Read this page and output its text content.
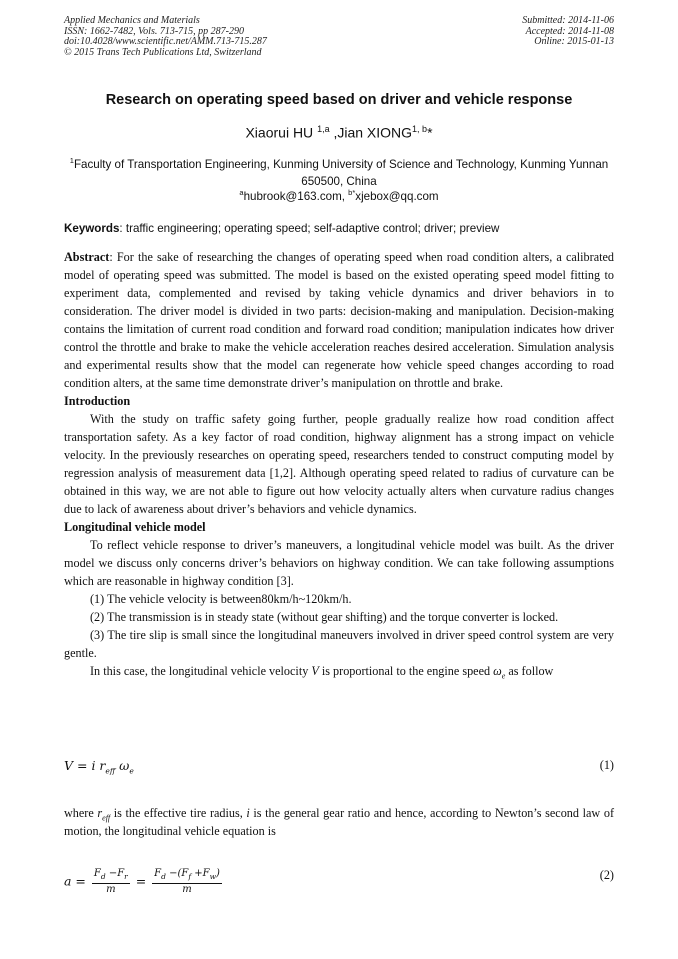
Applied Mechanics and Materials
ISSN: 1662-7482, Vols. 713-715, pp 287-290
doi:10.4028/www.scientific.net/AMM.713-715.287
© 2015 Trans Tech Publications Ltd, Switzerland
Submitted: 2014-11-06
Accepted: 2014-11-08
Online: 2015-01-13
Research on operating speed based on driver and vehicle response
Xiaorui HU $^{1,a}$ ,Jian XIONG$^{1, b}$*
$^1$Faculty of Transportation Engineering, Kunming University of Science and Technology, Kunming Yunnan 650500, China
$^a$hubrook@163.com, $^{b*}$xjebox@qq.com
Keywords: traffic engineering; operating speed; self-adaptive control; driver; preview

Abstract: For the sake of researching the changes of operating speed when road condition alters, a calibrated model of operating speed was submitted. The model is based on the existed operating speed model fitting to experiment data, complemented and revised by taking vehicle dynamics and driver behaviors in to consideration. The driver model is divided in two parts: decision-making and manipulation. Decision-making contains the limitation of current road condition and forward road condition; manipulation indicates how driver control the throttle and brake to make the vehicle acceleration reaches desired acceleration. Simulation analysis and experimental results show that the model can regenerate how vehicle speed changes according to road condition alters, at the same time demonstrate driver’s manipulation on throttle and brake.

Introduction

With the study on traffic safety going further, people gradually realize how road condition affect transportation safety. As a key factor of road condition, highway alignment has a strong impact on vehicle velocity. In the previously researches on operating speed, researchers tended to construct computing model by regression analysis of measurement data [1,2]. Although operating speed related to radius of curvature can be obtained in this way, we are not able to figure out how velocity actually alters when curvature radius changes due to lack of awareness about driver’s behaviors and vehicle dynamics.

Longitudinal vehicle model

To reflect vehicle response to driver’s maneuvers, a longitudinal vehicle model was built. As the driver model we discuss only concerns driver’s behaviors on highway condition. We can take following assumptions which are reasonable in highway condition [3].

(1) The vehicle velocity is between80km/h~120km/h.

(2) The transmission is in steady state (without gear shifting) and the torque converter is locked.

(3) The tire slip is small since the longitudinal maneuvers involved in driver speed control system are very gentle.

In this case, the longitudinal vehicle velocity V is proportional to the engine speed $\omega_e$ as follow

V = i $r_{eff}$ $\omega_e$	(1)

where $r_{eff}$ is the effective tire radius, i is the general gear ratio and hence, according to Newton’s second law of motion, the longitudinal vehicle equation is

$a = \frac{F_d -F_r}{m} = \frac{F_d -(F_f +F_w)}{m}$	(2)
